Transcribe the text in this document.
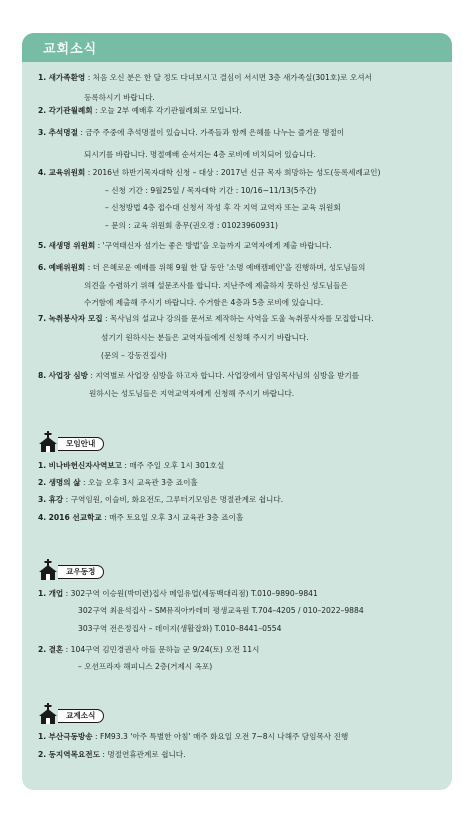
교회소식
1. 새가족환영 : 처음 오신 분은 한 달 정도 다녀보시고 결심이 서시면 3층 새가족실(301호)로 오셔서
등록하시기 바랍니다.
2. 각기관월례회 : 오늘 2부 예배후 각기관월례회로 모입니다.
3. 추석명절 : 금주 주중에 추석명절이 있습니다. 가족들과 함께 은혜를 나누는 즐거운 명절이
되시기를 바랍니다. 명절예배 순서지는 4층 로비에 비치되어 있습니다.
4. 교육위원회 : 2016년 하반기목자대학 신청 – 대상 : 2017년 신규 목자 희망하는 성도(등록세례교인)
– 신청 기간 : 9월25일 / 목자대학 기간 : 10/16~11/13(5주간)
– 신청방법 4층 접수대 신청서 작성 후 각 지역 교역자 또는 교육 위원회
– 문의 : 교육 위원회 총무(권오경 : 01023960931)
5. 새생명 위원회 : '구역태신자 섬기는 좋은 방법'을 오늘까지 교역자에게 제출 바랍니다.
6. 예배위원회 : 더 은혜로운 예배를 위해 9월 한 달 동안 '소명 예배캠페인'을 진행하며, 성도님들의
의견을 수렴하기 위해 설문조사를 합니다. 지난주에 제출하지 못하신 성도님들은
수거함에 제출해 주시기 바랍니다. 수거함은 4층과 5층 로비에 있습니다.
7. 녹취봉사자 모집 : 목사님의 설교나 강의를 문서로 제작하는 사역을 도울 녹취봉사자를 모집합니다.
섬기기 원하시는 분들은 교역자들에게 신청해 주시기 바랍니다.
(문의 – 강동진집사)
8. 사업장 심방 : 지역별로 사업장 심방을 하고자 합니다. 사업장에서 담임목사님의 심방을 받기를
원하시는 성도님들은 지역교역자에게 신청해 주시기 바랍니다.
모임안내
1. 비나바헌신자사역보고 : 매주 주일 오후 1시 301호실
2. 생명의 삶 : 오늘 오후 3시 교육관 3층 죠이홀
3. 휴강 : 구역임원, 이슬비, 화요전도, 그루터기모임은 명절관계로 쉽니다.
4. 2016 선교학교 : 매주 토요일 오후 3시 교육관 3층 죠이홀
교우동정
1. 개업 : 302구역 이승원(박미련)집사 메일유업(세동백대리점) T.010–9890–9841
302구역 최윤석집사 – SM뮤직아카데미 평생교육원 T.704–4205 / 010–2022–9884
303구역 전은정집사 – 데이지(생활잡화) T.010–8441–0554
2. 결혼 : 104구역 김민경권사 아들 문하늘 군 9/24(토) 오전 11시
– 오션프라자 해피니스 2층(거제시 옥포)
교계소식
1. 부산극동방송 : FM93.3 '아주 특별한 아침' 매주 화요일 오전 7~8시 나해주 담임목사 진행
2. 동지역목요전도 : 명절연휴관계로 쉽니다.
